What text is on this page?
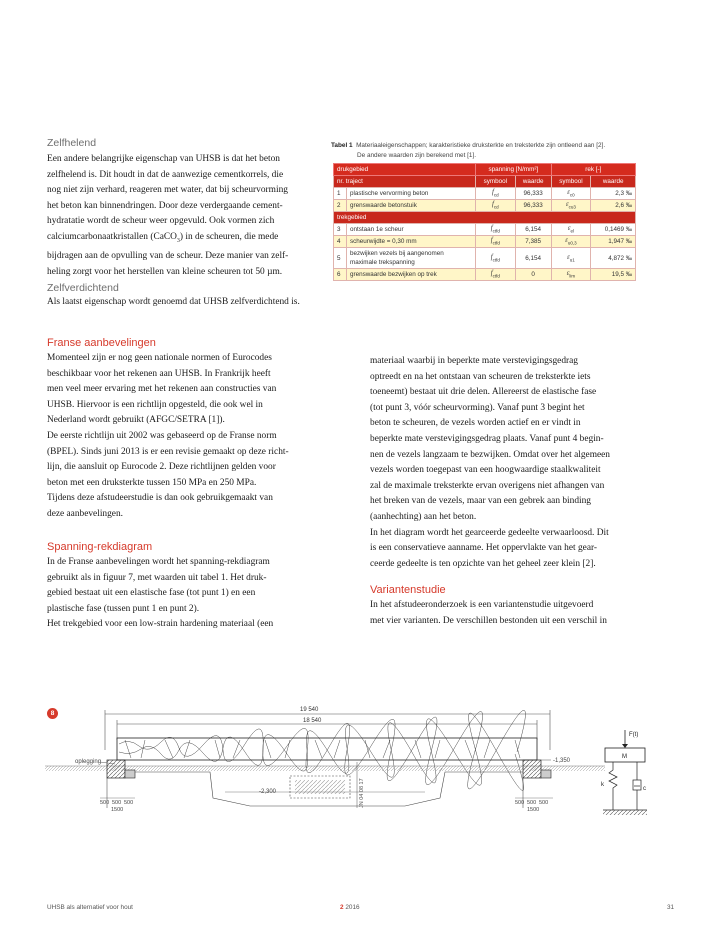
Zelfhelend

Een andere belangrijke eigenschap van UHSB is dat het beton

zelfhelend is. Dit houdt in dat de aanwezige cementkorrels, die

nog niet zijn verhard, reageren met water, dat bij scheurvorming

het beton kan binnendringen. Door deze verdergaande cement-

hydratatie wordt de scheur weer opgevuld. Ook vormen zich

calciumcarbonaatkristallen (CaCO$_3$) in de scheuren, die mede

bijdragen aan de opvulling van de scheur. Deze manier van zelf-

heling zorgt voor het herstellen van kleine scheuren tot 50 µm.

Zelfverdichtend
Als laatst eigenschap wordt genoemd dat UHSB zelfverdichtend is.
Tabel 1 Materiaaleigenschappen; karakteristieke druksterkte en treksterkte zijn ontleend aan [2].
De andere waarden zijn berekend met [1].
drukgebied		spanning [N/mm²]		rek [-]	
nr. traject		symbool	waarde	symbool	waarde
1	plastische vervorming beton	$f_{cd}$	96,333	$\varepsilon_{c0}$	2,3 ‰
2	grenswaarde betonstuik	$f_{cd}$	96,333	$\varepsilon_{cu3}$	2,6 ‰
trekgebied					
3	ontstaan 1e scheur	$f_{ctfd}$	6,154	$\varepsilon_{el}$	0,1469 ‰
4	scheurwijdte = 0,30 mm	$f_{ctfd}$	7,385	$\varepsilon_{u0,3}$	1,947 ‰
5	bezwijken vezels bij aangenomen
maximale trekspanning	$f_{ctfd}$	6,154	$\varepsilon_{u1}$	4,872 ‰
6	grenswaarde bezwijken op trek	$f_{ctfd}$	0	$\varepsilon_{lim}$	19,5 ‰
Franse aanbevelingen

Momenteel zijn er nog geen nationale normen of Eurocodes

beschikbaar voor het rekenen aan UHSB. In Frankrijk heeft

men veel meer ervaring met het rekenen aan constructies van

UHSB. Hiervoor is een richtlijn opgesteld, die ook wel in

Nederland wordt gebruikt (AFGC/SETRA [1]).

De eerste richtlijn uit 2002 was gebaseerd op de Franse norm

(BPEL). Sinds juni 2013 is er een revisie gemaakt op deze richt-

lijn, die aansluit op Eurocode 2. Deze richtlijnen gelden voor

beton met een druksterkte tussen 150 MPa en 250 MPa.

Tijdens deze afstudeerstudie is dan ook gebruikgemaakt van

deze aanbevelingen.

Spanning-rekdiagram

In de Franse aanbevelingen wordt het spanning-rekdiagram

gebruikt als in figuur 7, met waarden uit tabel 1. Het druk-

gebied bestaat uit een elastische fase (tot punt 1) en een

plastische fase (tussen punt 1 en punt 2).

Het trekgebied voor een low-strain hardening materiaal (een

materiaal waarbij in beperkte mate verstevigingsgedrag

optreedt en na het ontstaan van scheuren de treksterkte iets

toeneemt) bestaat uit drie delen. Allereerst de elastische fase

(tot punt 3, vóór scheurvorming). Vanaf punt 3 begint het

beton te scheuren, de vezels worden actief en er vindt in

beperkte mate verstevigingsgedrag plaats. Vanaf punt 4 begin-

nen de vezels langzaam te bezwijken. Omdat over het algemeen

vezels worden toegepast van een hoogwaardige staalkwaliteit

zal de maximale treksterkte ervan overigens niet afhangen van

het breken van de vezels, maar van een gebrek aan binding

(aanhechting) aan het beton.

In het diagram wordt het gearceerde gedeelte verwaarloosd. Dit

is een conservatieve aanname. Het oppervlakte van het gear-

ceerde gedeelte is ten opzichte van het geheel zeer klein [2].

Variantenstudie

In het afstudeeronderzoek is een variantenstudie uitgevoerd

met vier varianten. De verschillen bestonden uit een verschil in

8	19 540
18 540
JN 04 08 17
oplegging	-1,350
-2,300
500 500 500
1500
500 500 500
1500
F(t)
M
k
c
UHSB als alternatief voor hout	2 2016	31
